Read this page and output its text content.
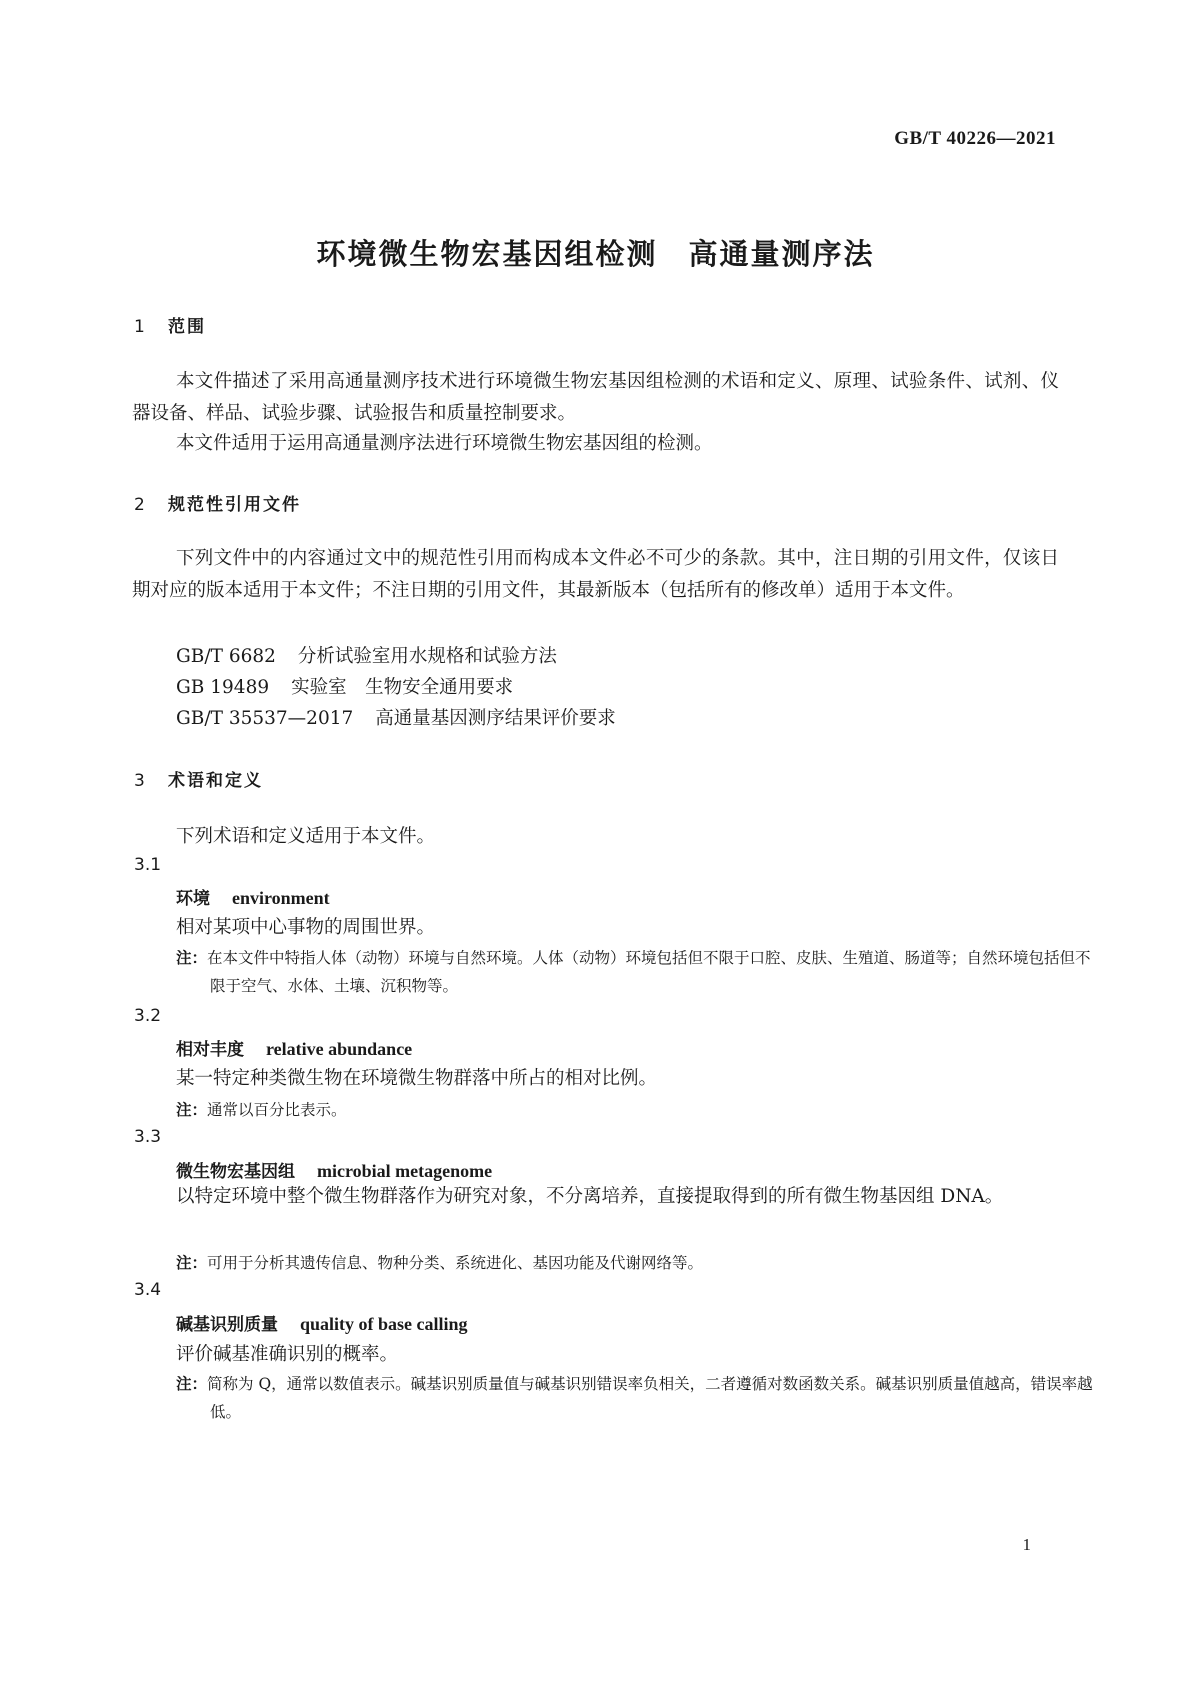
GB/T 40226—2021
环境微生物宏基因组检测　高通量测序法
1 范围
本文件描述了采用高通量测序技术进行环境微生物宏基因组检测的术语和定义、原理、试验条件、试剂、仪器设备、样品、试验步骤、试验报告和质量控制要求。
本文件适用于运用高通量测序法进行环境微生物宏基因组的检测。
2 规范性引用文件
下列文件中的内容通过文中的规范性引用而构成本文件必不可少的条款。其中，注日期的引用文件，仅该日期对应的版本适用于本文件；不注日期的引用文件，其最新版本（包括所有的修改单）适用于本文件。
GB/T 6682 分析试验室用水规格和试验方法
GB 19489 实验室　生物安全通用要求
GB/T 35537—2017 高通量基因测序结果评价要求
3 术语和定义
下列术语和定义适用于本文件。
3.1
环境 environment
相对某项中心事物的周围世界。
注：在本文件中特指人体（动物）环境与自然环境。人体（动物）环境包括但不限于口腔、皮肤、生殖道、肠道等；自然环境包括但不限于空气、水体、土壤、沉积物等。
3.2
相对丰度 relative abundance
某一特定种类微生物在环境微生物群落中所占的相对比例。
注：通常以百分比表示。
3.3
微生物宏基因组 microbial metagenome
以特定环境中整个微生物群落作为研究对象，不分离培养，直接提取得到的所有微生物基因组 DNA。
注：可用于分析其遗传信息、物种分类、系统进化、基因功能及代谢网络等。
3.4
碱基识别质量 quality of base calling
评价碱基准确识别的概率。
注：简称为 Q，通常以数值表示。碱基识别质量值与碱基识别错误率负相关，二者遵循对数函数关系。碱基识别质量值越高，错误率越低。
1
